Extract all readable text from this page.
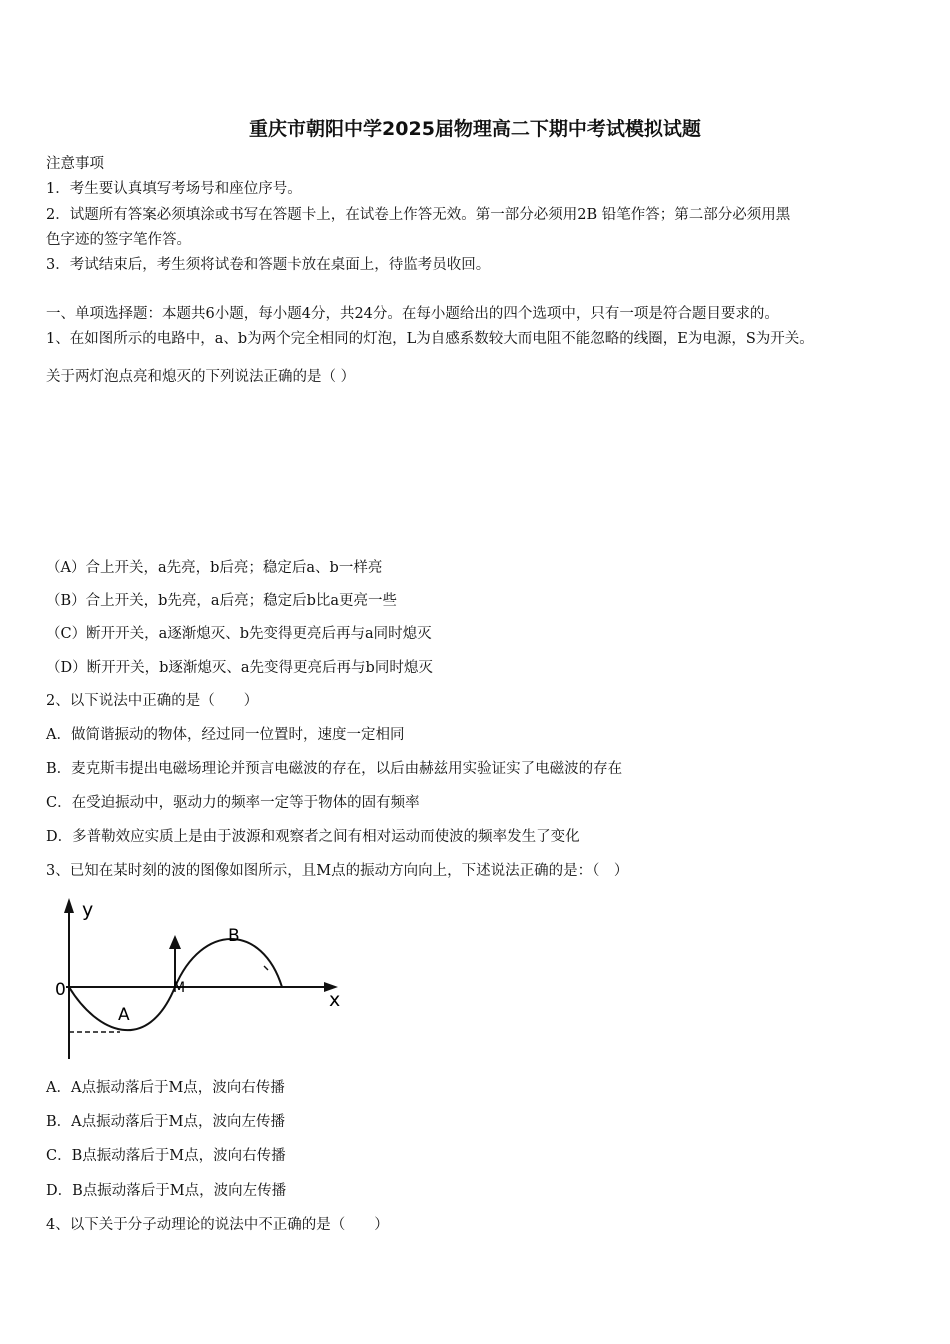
重庆市朝阳中学2025届物理高二下期中考试模拟试题
注意事项
1．考生要认真填写考场号和座位序号。
2．试题所有答案必须填涂或书写在答题卡上，在试卷上作答无效。第一部分必须用2B 铅笔作答；第二部分必须用黑
色字迹的签字笔作答。
3．考试结束后，考生须将试卷和答题卡放在桌面上，待监考员收回。
一、单项选择题：本题共6小题，每小题4分，共24分。在每小题给出的四个选项中，只有一项是符合题目要求的。
1、在如图所示的电路中，a、b为两个完全相同的灯泡，L为自感系数较大而电阻不能忽略的线圈，E为电源，S为开关。
关于两灯泡点亮和熄灭的下列说法正确的是（ ）
（A）合上开关，a先亮，b后亮；稳定后a、b一样亮
（B）合上开关，b先亮，a后亮；稳定后b比a更亮一些
（C）断开开关，a逐渐熄灭、b先变得更亮后再与a同时熄灭
（D）断开开关，b逐渐熄灭、a先变得更亮后再与b同时熄灭
2、以下说法中正确的是（　　）
A．做简谐振动的物体，经过同一位置时，速度一定相同
B．麦克斯韦提出电磁场理论并预言电磁波的存在，以后由赫兹用实验证实了电磁波的存在
C．在受迫振动中，驱动力的频率一定等于物体的固有频率
D．多普勒效应实质上是由于波源和观察者之间有相对运动而使波的频率发生了变化
3、已知在某时刻的波的图像如图所示，且M点的振动方向向上，下述说法正确的是：（　）
y
x
0
A
B
M
A．A点振动落后于M点，波向右传播
B．A点振动落后于M点，波向左传播
C．B点振动落后于M点，波向右传播
D．B点振动落后于M点，波向左传播
4、以下关于分子动理论的说法中不正确的是（　　）
